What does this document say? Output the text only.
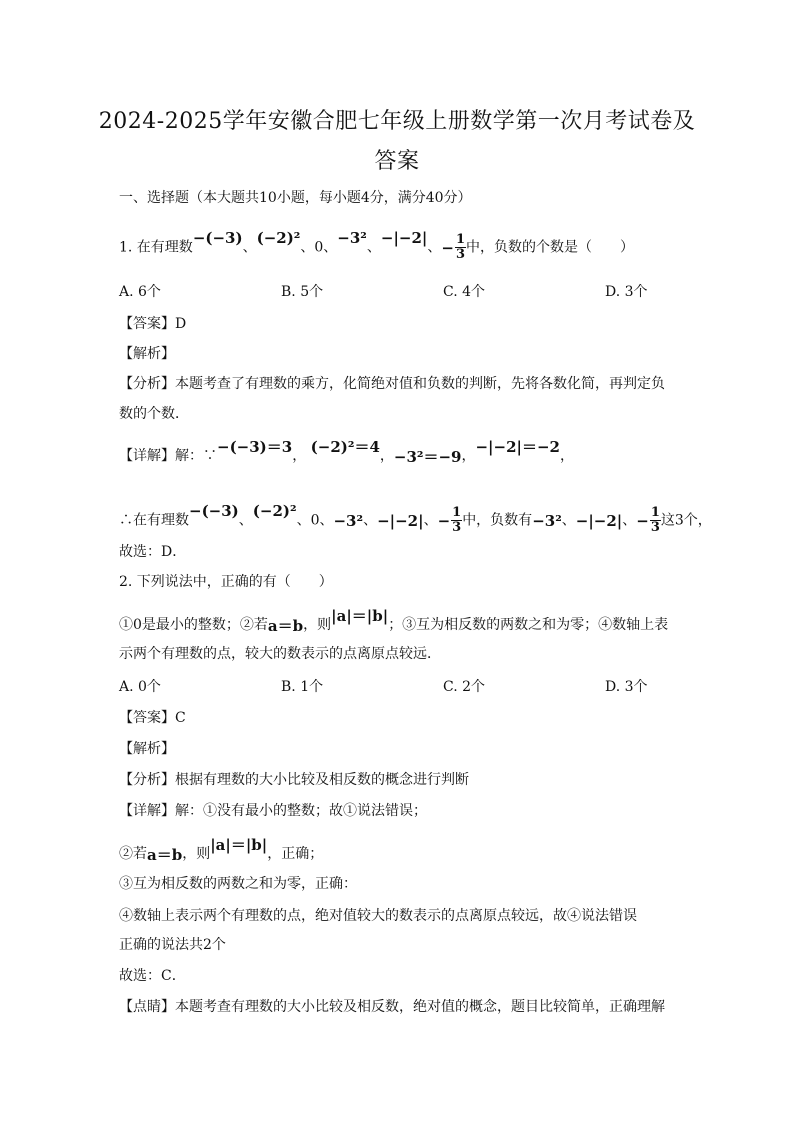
2024-2025学年安徽合肥七年级上册数学第一次月考试卷及
答案
一、选择题（本大题共10小题，每小题4分，满分40分）
1. 在有理数−(−3)、(−2)²、0、−3²、−|−2|、− $\frac{1}{3}$ 中，负数的个数是（　　）
A. 6个	B. 5个	C. 4个	D. 3个
【答案】D
【解析】
【分析】本题考查了有理数的乘方，化简绝对值和负数的判断，先将各数化简，再判定负
数的个数．
【详解】解：∵−(−3)＝3， (−2)²＝4，−3²＝−9，−|−2|＝−2，
∴在有理数−(−3)、(−2)²、0、−3²、−|−2|、− $\frac{1}{3}$ 中，负数有−3²、−|−2|、− $\frac{1}{3}$ 这3个，
故选：D．
2. 下列说法中，正确的有（　　）
①0是最小的整数；②若a＝b，则|a|＝|b|；③互为相反数的两数之和为零；④数轴上表
示两个有理数的点，较大的数表示的点离原点较远．
A. 0个	B. 1个	C. 2个	D. 3个
【答案】C
【解析】
【分析】根据有理数的大小比较及相反数的概念进行判断
【详解】解：①没有最小的整数；故①说法错误；
②若a＝b，则|a|＝|b|，正确；
③互为相反数的两数之和为零，正确：
④数轴上表示两个有理数的点，绝对值较大的数表示的点离原点较远，故④说法错误
正确的说法共2个
故选：C．
【点睛】本题考查有理数的大小比较及相反数，绝对值的概念，题目比较简单，正确理解
